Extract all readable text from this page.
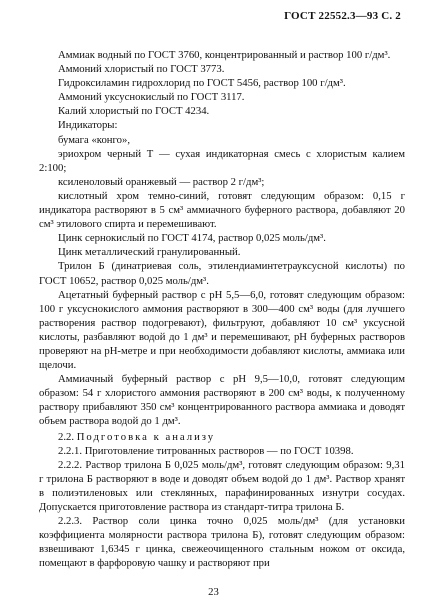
ГОСТ 22552.3—93 С. 2

Аммиак водный по ГОСТ 3760, концентрированный и раствор 100 г/дм³.

Аммоний хлористый по ГОСТ 3773.

Гидроксиламин гидрохлорид по ГОСТ 5456, раствор 100 г/дм³.

Аммоний уксуснокислый по ГОСТ 3117.

Калий хлористый по ГОСТ 4234.

Индикаторы:

бумага «конго»,

эриохром черный Т — сухая индикаторная смесь с хлористым калием 2:100;

ксиленоловый оранжевый — раствор 2 г/дм³;

кислотный хром темно-синий, готовят следующим образом: 0,15 г индикатора растворяют в 5 см³ аммиачного буферного раствора, добавляют 20 см³ этилового спирта и перемешивают.

Цинк сернокислый по ГОСТ 4174, раствор 0,025 моль/дм³.

Цинк металлический гранулированный.

Трилон Б (динатриевая соль, этилендиаминтетрауксусной кислоты) по ГОСТ 10652, раствор 0,025 моль/дм³.

Ацетатный буферный раствор с pH 5,5—6,0, готовят следующим образом: 100 г уксуснокислого аммония растворяют в 300—400 см³ воды (для лучшего растворения раствор подогревают), фильтруют, добавляют 10 см³ уксусной кислоты, разбавляют водой до 1 дм³ и перемешивают, pH буферных растворов проверяют на pH-метре и при необходимости добавляют кислоты, аммиака или щелочи.

Аммиачный буферный раствор с pH 9,5—10,0, готовят следующим образом: 54 г хлористого аммония растворяют в 200 см³ воды, к полученному раствору прибавляют 350 см³ концентрированного раствора аммиака и доводят объем раствора водой до 1 дм³.

2.2. Подготовка к анализу

2.2.1. Приготовление титрованных растворов — по ГОСТ 10398.

2.2.2. Раствор трилона Б 0,025 моль/дм³, готовят следующим образом: 9,31 г трилона Б растворяют в воде и доводят объем водой до 1 дм³. Раствор хранят в полиэтиленовых или стеклянных, парафинированных изнутри сосудах. Допускается приготовление раствора из стандарт-титра трилона Б.

2.2.3. Раствор соли цинка точно 0,025 моль/дм³ (для установки коэффициента молярности раствора трилона Б), готовят следующим образом: взвешивают 1,6345 г цинка, свежеочищенного стальным ножом от оксида, помещают в фарфоровую чашку и растворяют при

23
